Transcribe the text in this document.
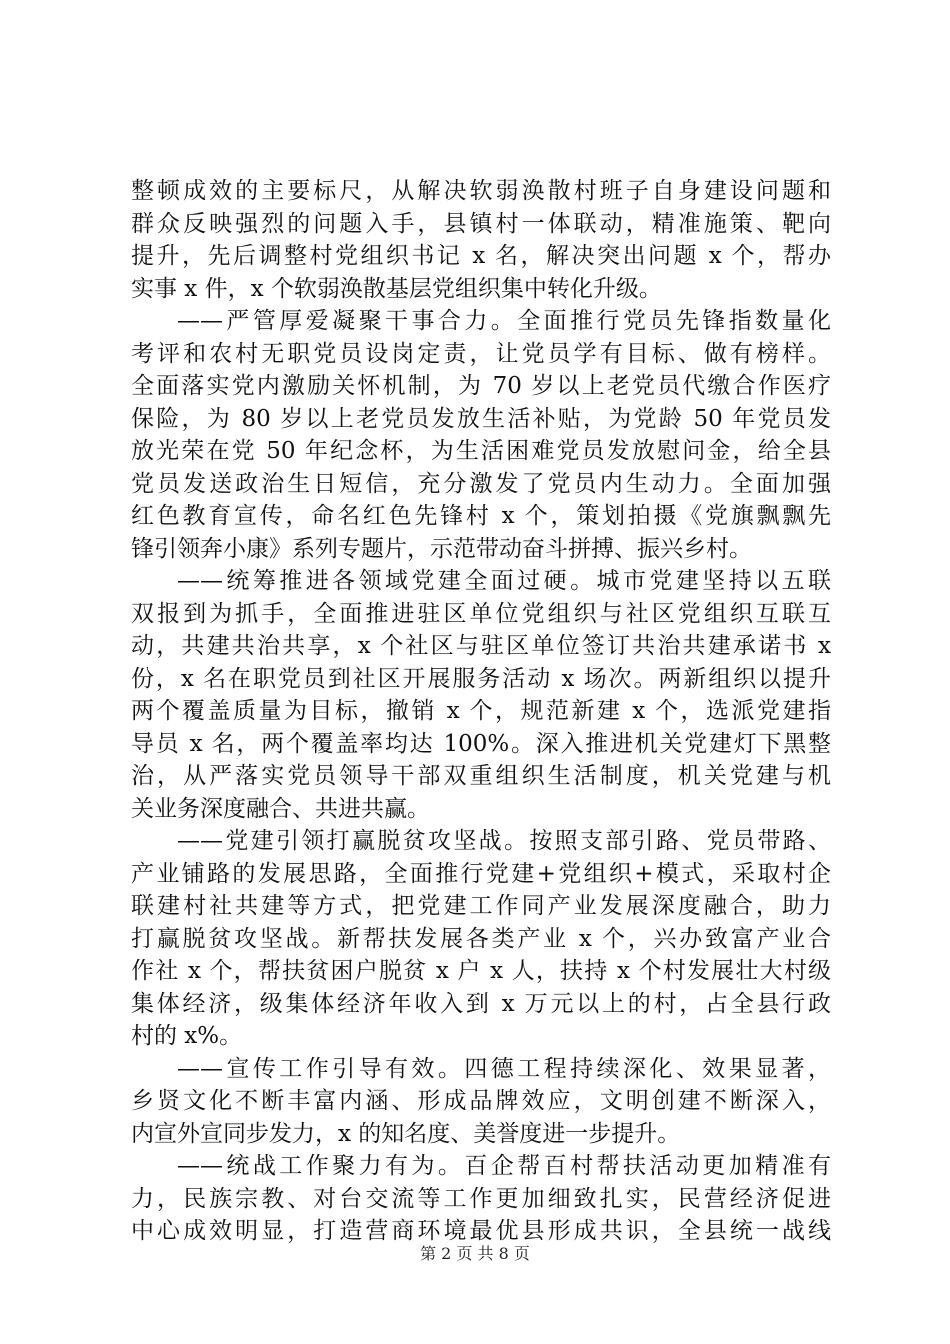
整顿成效的主要标尺，从解决软弱涣散村班子自身建设问题和
群众反映强烈的问题入手，县镇村一体联动，精准施策、靶向
提升，先后调整村党组织书记 x 名，解决突出问题 x 个，帮办
实事 x 件，x 个软弱涣散基层党组织集中转化升级。
——严管厚爱凝聚干事合力。全面推行党员先锋指数量化
考评和农村无职党员设岗定责，让党员学有目标、做有榜样。
全面落实党内激励关怀机制，为 70 岁以上老党员代缴合作医疗
保险，为 80 岁以上老党员发放生活补贴，为党龄 50 年党员发
放光荣在党 50 年纪念杯，为生活困难党员发放慰问金，给全县
党员发送政治生日短信，充分激发了党员内生动力。全面加强
红色教育宣传，命名红色先锋村 x 个，策划拍摄《党旗飘飘先
锋引领奔小康》系列专题片，示范带动奋斗拼搏、振兴乡村。
——统筹推进各领域党建全面过硬。城市党建坚持以五联
双报到为抓手，全面推进驻区单位党组织与社区党组织互联互
动，共建共治共享，x 个社区与驻区单位签订共治共建承诺书 x
份，x 名在职党员到社区开展服务活动 x 场次。两新组织以提升
两个覆盖质量为目标，撤销 x 个，规范新建 x 个，选派党建指
导员 x 名，两个覆盖率均达 100%。深入推进机关党建灯下黑整
治，从严落实党员领导干部双重组织生活制度，机关党建与机
关业务深度融合、共进共赢。
——党建引领打赢脱贫攻坚战。按照支部引路、党员带路、
产业铺路的发展思路，全面推行党建+党组织+模式，采取村企
联建村社共建等方式，把党建工作同产业发展深度融合，助力
打赢脱贫攻坚战。新帮扶发展各类产业 x 个，兴办致富产业合
作社 x 个，帮扶贫困户脱贫 x 户 x 人，扶持 x 个村发展壮大村级
集体经济，级集体经济年收入到 x 万元以上的村，占全县行政
村的 x%。
——宣传工作引导有效。四德工程持续深化、效果显著，
乡贤文化不断丰富内涵、形成品牌效应，文明创建不断深入，
内宣外宣同步发力，x 的知名度、美誉度进一步提升。
——统战工作聚力有为。百企帮百村帮扶活动更加精准有
力，民族宗教、对台交流等工作更加细致扎实，民营经济促进
中心成效明显，打造营商环境最优县形成共识，全县统一战线
第 2 页 共 8 页
